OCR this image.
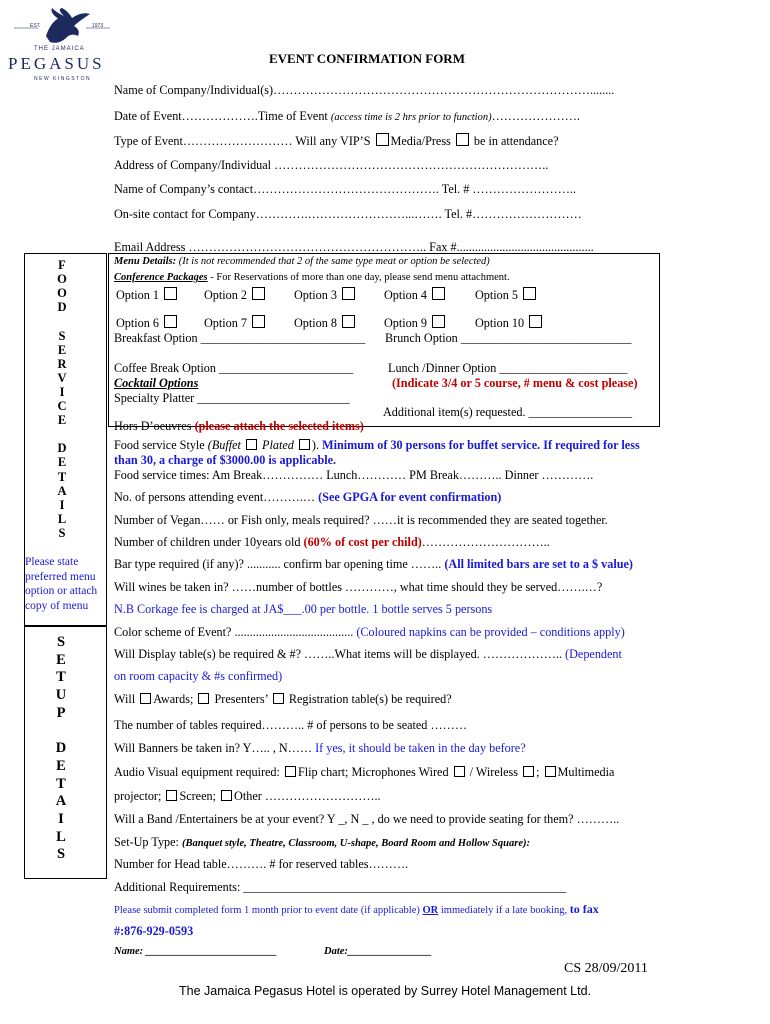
EST.	1973
THE JAMAICA
PEGASUS
NEW KINGSTON
EVENT CONFIRMATION FORM
Name of Company/Individual(s)……………………………………………………………………........
Date of Event……………….Time of Event (access time is 2 hrs prior to function)………………….
Type of Event……………………… Will any VIP’S Media/Press  be in attendance?
Address of Company/Individual …………………………………………………………..
Name of Company’s contact………………………………………. Tel. # ……………………..
On-site contact for Company………….……………………...……. Tel. #………………………
Email Address ………………………………………………….. Fax #.............................................
F
O
O
D
S
E
R
V
I
C
E
D
E
T
A
I
L
S
Please state preferred menu option or attach copy of menu
S
E
T
U
P
D
E
T
A
I
L
S
Menu Details: (It is not recommended that 2 of the same type meat or option be selected)
Conference Packages - For Reservations of more than one day, please send menu attachment.
Option 1	Option 2	Option 3	Option 4	Option 5
Option 6	Option 7	Option 8	Option 9	Option 10
Breakfast Option ___________________________ Brunch Option ____________________________
Coffee Break Option ______________________	Lunch /Dinner Option _____________________
Cocktail Options	(Indicate 3/4 or 5 course, # menu & cost please)
Specialty Platter _________________________
Additional item(s) requested. _________________
Hors D’oeuvres (please attach the selected items)
Food service Style (Buffet  Plated ). Minimum of 30 persons for buffet service. If required for less
than 30, a charge of $3000.00 is applicable.
Food service times: Am Break…………… Lunch………… PM Break……….. Dinner ………….
No. of persons attending event……….… (See GPGA for event confirmation)
Number of Vegan…… or Fish only, meals required? ……it is recommended they are seated together.
Number of children under 10years old (60% of cost per child)…………………………..
Bar type required (if any)? ........... confirm bar opening time …….. (All limited bars are set to a $ value)
Will wines be taken in? ……number of bottles …………, what time should they be served…….…?
N.B Corkage fee is charged at JA$___.00 per bottle. 1 bottle serves 5 persons
Color scheme of Event? ....................................... (Coloured napkins can be provided – conditions apply)
Will Display table(s) be required & #? ……..What items will be displayed. ……………….. (Dependent
on room capacity & #s confirmed)
Will Awards;  Presenters’  Registration table(s) be required?
The number of tables required……….. # of persons to be seated ………
Will Banners be taken in? Y….. , N…… If yes, it should be taken in the day before?
Audio Visual equipment required: Flip chart; Microphones Wired  / Wireless ; Multimedia
projector; Screen; Other ………………………..
Will a Band /Entertainers be at your event? Y _, N _ , do we need to provide seating for them? ………..
Set-Up Type: (Banquet style, Theatre, Classroom, U-shape, Board Room and Hollow Square):
Number for Head table………. # for reserved tables……….
Additional Requirements: _____________________________________________________
Please submit completed form 1 month prior to event date (if applicable) OR immediately if a late booking, to fax
#:876-929-0593
Name: _________________________	Date:________________
CS 28/09/2011
The Jamaica Pegasus Hotel is operated by Surrey Hotel Management Ltd.
